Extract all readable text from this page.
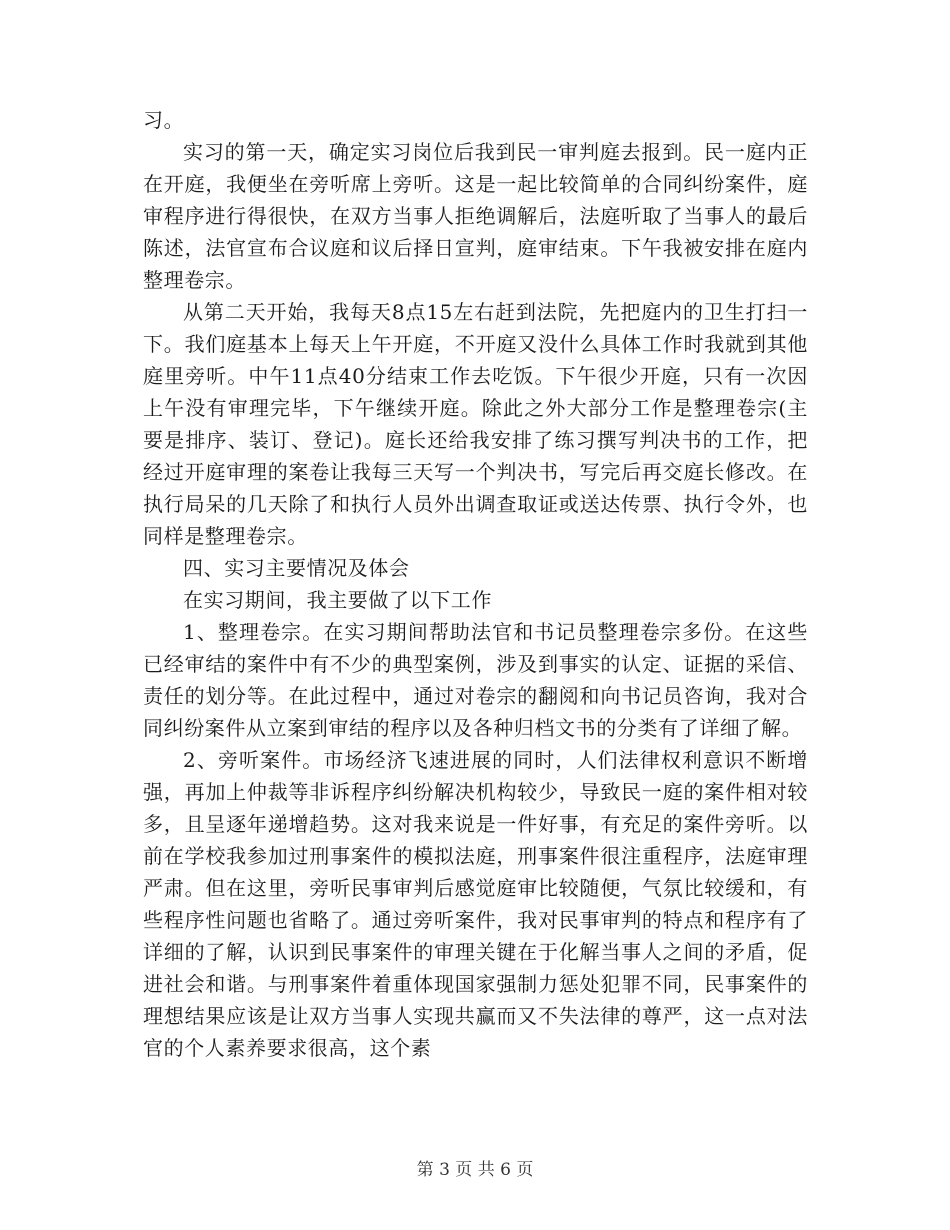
习。

实习的第一天，确定实习岗位后我到民一审判庭去报到。民一庭内正在开庭，我便坐在旁听席上旁听。这是一起比较简单的合同纠纷案件，庭审程序进行得很快，在双方当事人拒绝调解后，法庭听取了当事人的最后陈述，法官宣布合议庭和议后择日宣判，庭审结束。下午我被安排在庭内整理卷宗。

从第二天开始，我每天8点15左右赶到法院，先把庭内的卫生打扫一下。我们庭基本上每天上午开庭，不开庭又没什么具体工作时我就到其他庭里旁听。中午11点40分结束工作去吃饭。下午很少开庭，只有一次因上午没有审理完毕，下午继续开庭。除此之外大部分工作是整理卷宗(主要是排序、装订、登记)。庭长还给我安排了练习撰写判决书的工作，把经过开庭审理的案卷让我每三天写一个判决书，写完后再交庭长修改。在执行局呆的几天除了和执行人员外出调查取证或送达传票、执行令外，也同样是整理卷宗。

四、实习主要情况及体会

在实习期间，我主要做了以下工作

1、整理卷宗。在实习期间帮助法官和书记员整理卷宗多份。在这些已经审结的案件中有不少的典型案例，涉及到事实的认定、证据的采信、责任的划分等。在此过程中，通过对卷宗的翻阅和向书记员咨询，我对合同纠纷案件从立案到审结的程序以及各种归档文书的分类有了详细了解。

2、旁听案件。市场经济飞速进展的同时，人们法律权利意识不断增强，再加上仲裁等非诉程序纠纷解决机构较少，导致民一庭的案件相对较多，且呈逐年递增趋势。这对我来说是一件好事，有充足的案件旁听。以前在学校我参加过刑事案件的模拟法庭，刑事案件很注重程序，法庭审理严肃。但在这里，旁听民事审判后感觉庭审比较随便，气氛比较缓和，有些程序性问题也省略了。通过旁听案件，我对民事审判的特点和程序有了详细的了解，认识到民事案件的审理关键在于化解当事人之间的矛盾，促进社会和谐。与刑事案件着重体现国家强制力惩处犯罪不同，民事案件的理想结果应该是让双方当事人实现共赢而又不失法律的尊严，这一点对法官的个人素养要求很高，这个素

第 3 页 共 6 页
